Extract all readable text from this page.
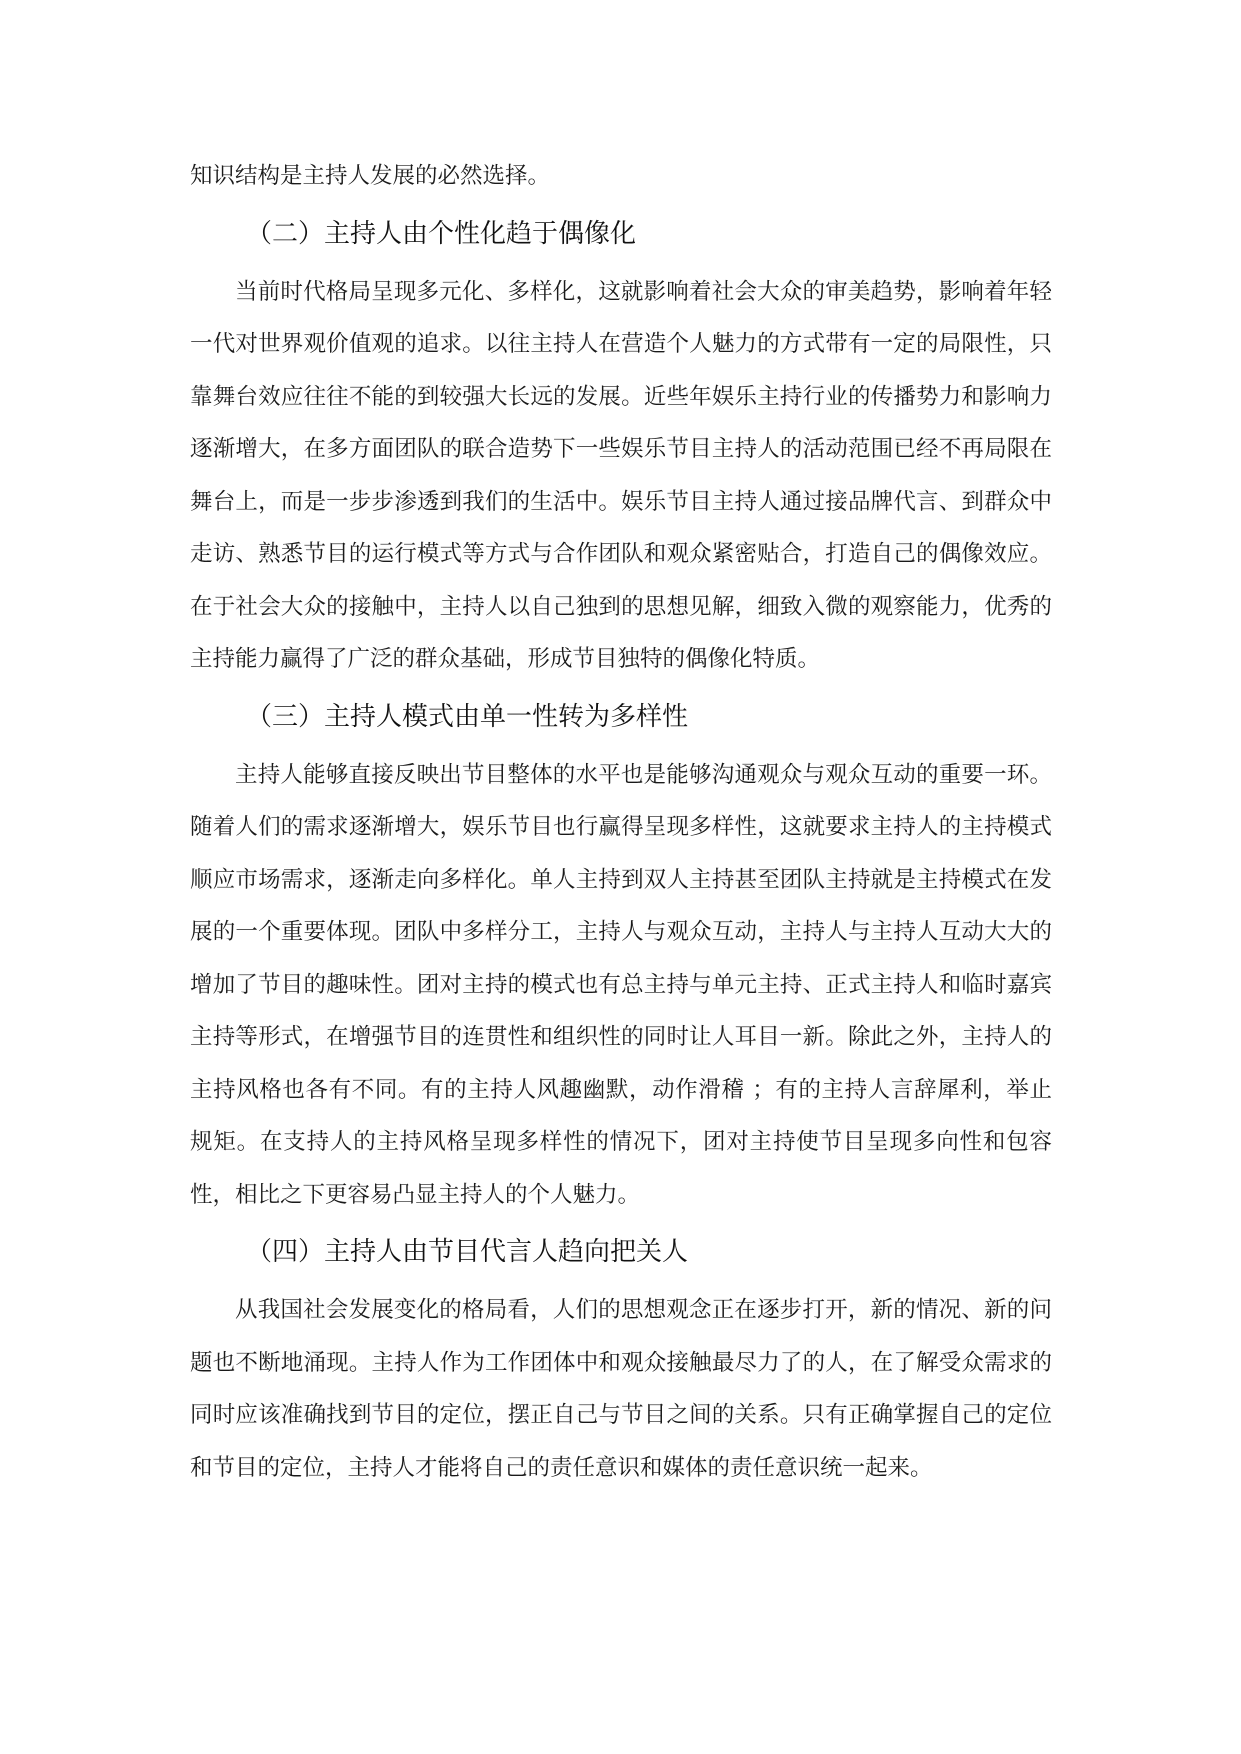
知识结构是主持人发展的必然选择。

（二）主持人由个性化趋于偶像化

当前时代格局呈现多元化、多样化，这就影响着社会大众的审美趋势，影响着年轻一代对世界观价值观的追求。以往主持人在营造个人魅力的方式带有一定的局限性，只靠舞台效应往往不能的到较强大长远的发展。近些年娱乐主持行业的传播势力和影响力逐渐增大，在多方面团队的联合造势下一些娱乐节目主持人的活动范围已经不再局限在舞台上，而是一步步渗透到我们的生活中。娱乐节目主持人通过接品牌代言、到群众中走访、熟悉节目的运行模式等方式与合作团队和观众紧密贴合，打造自己的偶像效应。在于社会大众的接触中，主持人以自己独到的思想见解，细致入微的观察能力，优秀的主持能力赢得了广泛的群众基础，形成节目独特的偶像化特质。

（三）主持人模式由单一性转为多样性

主持人能够直接反映出节目整体的水平也是能够沟通观众与观众互动的重要一环。随着人们的需求逐渐增大，娱乐节目也行赢得呈现多样性，这就要求主持人的主持模式顺应市场需求，逐渐走向多样化。单人主持到双人主持甚至团队主持就是主持模式在发展的一个重要体现。团队中多样分工，主持人与观众互动，主持人与主持人互动大大的增加了节目的趣味性。团对主持的模式也有总主持与单元主持、正式主持人和临时嘉宾主持等形式，在增强节目的连贯性和组织性的同时让人耳目一新。除此之外，主持人的主持风格也各有不同。有的主持人风趣幽默，动作滑稽 ；有的主持人言辞犀利，举止规矩。在支持人的主持风格呈现多样性的情况下，团对主持使节目呈现多向性和包容性，相比之下更容易凸显主持人的个人魅力。

（四）主持人由节目代言人趋向把关人

从我国社会发展变化的格局看，人们的思想观念正在逐步打开，新的情况、新的问题也不断地涌现。主持人作为工作团体中和观众接触最尽力了的人，在了解受众需求的同时应该准确找到节目的定位，摆正自己与节目之间的关系。只有正确掌握自己的定位和节目的定位，主持人才能将自己的责任意识和媒体的责任意识统一起来。
